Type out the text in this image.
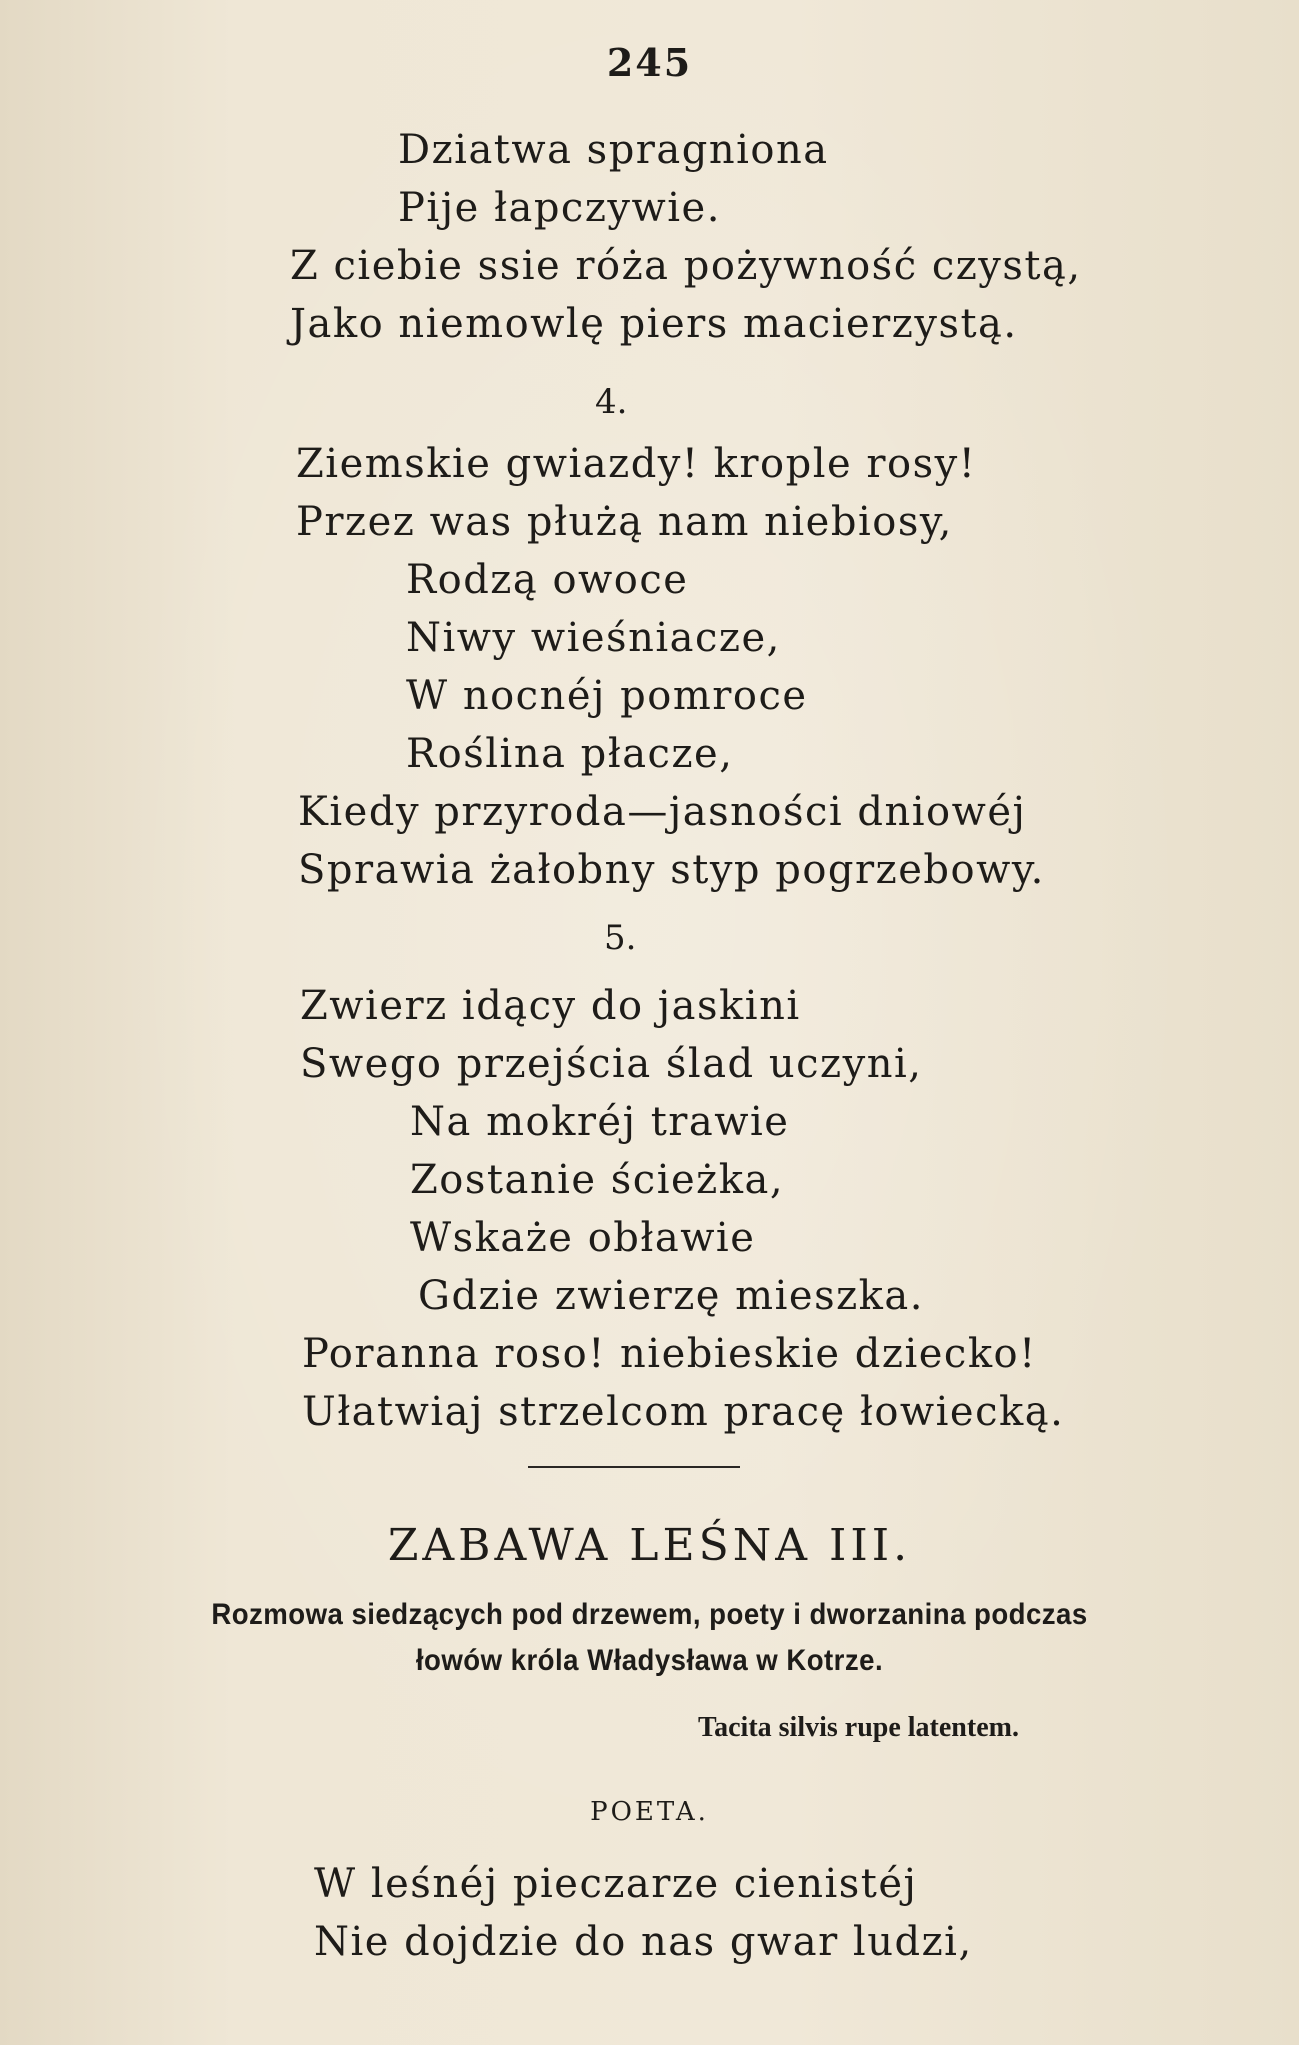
245
Dziatwa spragniona
Pije łapczywie.
Z ciebie ssie róża pożywność czystą,
Jako niemowlę piers macierzystą.
4.
Ziemskie gwiazdy! krople rosy!
Przez was płużą nam niebiosy,
Rodzą owoce
Niwy wieśniacze,
W nocnéj pomroce
Roślina płacze,
Kiedy przyroda—jasności dniowéj
Sprawia żałobny styp pogrzebowy.
5.
Zwierz idący do jaskini
Swego przejścia ślad uczyni,
Na mokréj trawie
Zostanie ścieżka,
Wskaże obławie
Gdzie zwierzę mieszka.
Poranna roso! niebieskie dziecko!
Ułatwiaj strzelcom pracę łowiecką.
ZABAWA LEŚNA III.
Rozmowa siedzących pod drzewem, poety i dworzanina podczas
łowów króla Władysława w Kotrze.
Tacita silvis rupe latentem.
POETA.
W leśnéj pieczarze cienistéj
Nie dojdzie do nas gwar ludzi,
